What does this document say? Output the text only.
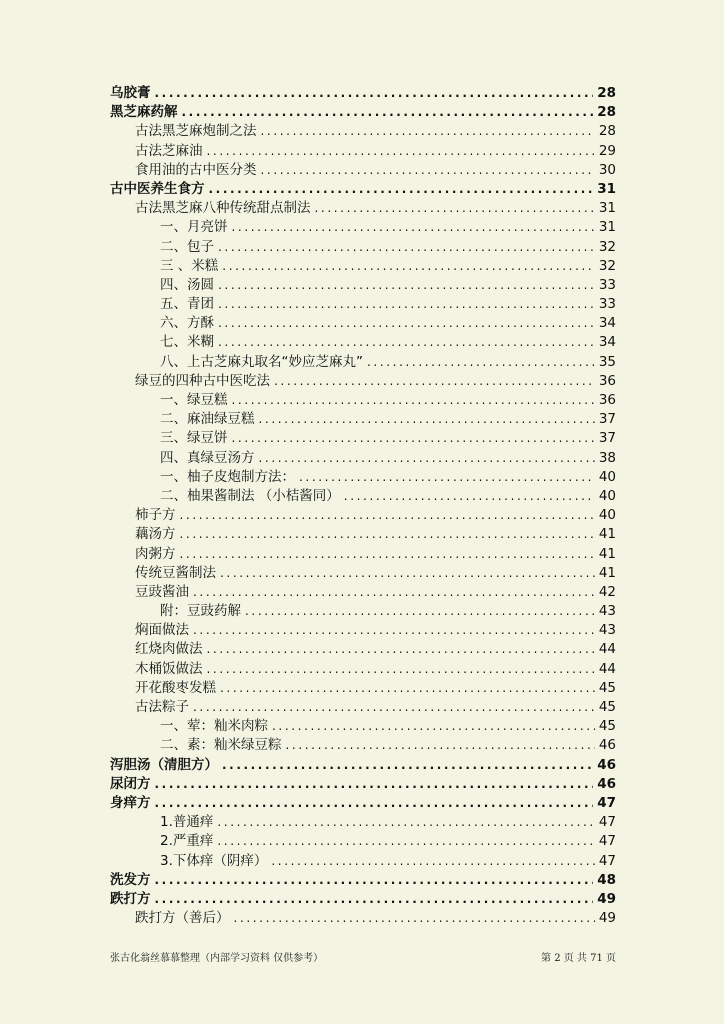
乌胶膏 .....	28
黑芝麻药解 .....	28
古法黑芝麻炮制之法 .....	28
古法芝麻油 .....	29
食用油的古中医分类 .....	30
古中医养生食方 .....	31
古法黑芝麻八种传统甜点制法 .....	31
一、月亮饼 .....	31
二、包子 .....	32
三 、米糕 .....	32
四、汤圆 .....	33
五、青团 .....	33
六、方酥 .....	34
七、米糊 .....	34
八、上古芝麻丸取名“妙应芝麻丸” .....	35
绿豆的四种古中医吃法 .....	36
一、绿豆糕 .....	36
二、麻油绿豆糕 .....	37
三、绿豆饼 .....	37
四、真绿豆汤方 .....	38
一、柚子皮炮制方法： .....	40
二、柚果酱制法 （小桔酱同） .....	40
柿子方 .....	40
藕汤方 .....	41
肉粥方 .....	41
传统豆酱制法 .....	41
豆豉酱油 .....	42
附：豆豉药解 .....	43
焖面做法 .....	43
红烧肉做法 .....	44
木桶饭做法 .....	44
开花酸枣发糕 .....	45
古法粽子 .....	45
一、荤：籼米肉粽 .....	45
二、素：籼米绿豆粽 .....	46
泻胆汤（清胆方） .....	46
尿闭方 .....	46
身痒方 .....	47
1.普通痒 .....	47
2.严重痒 .....	47
3.下体痒（阴痒） .....	47
洗发方 .....	48
跌打方 .....	49
跌打方（善后） .....	49
张古化翁丝慕慕整理（内部学习资料 仅供参考）	第 2 页 共 71 页
